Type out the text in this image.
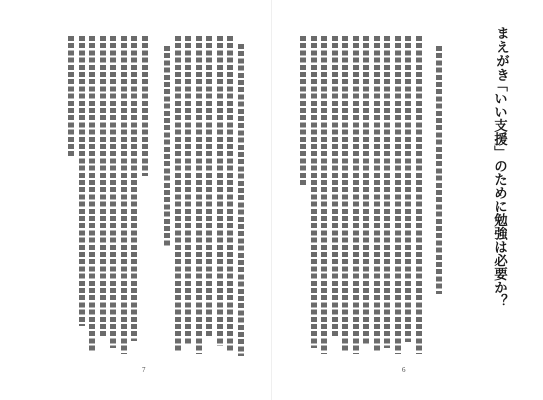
7
まえがき
「いい支援」のために勉強は必要か？
6
